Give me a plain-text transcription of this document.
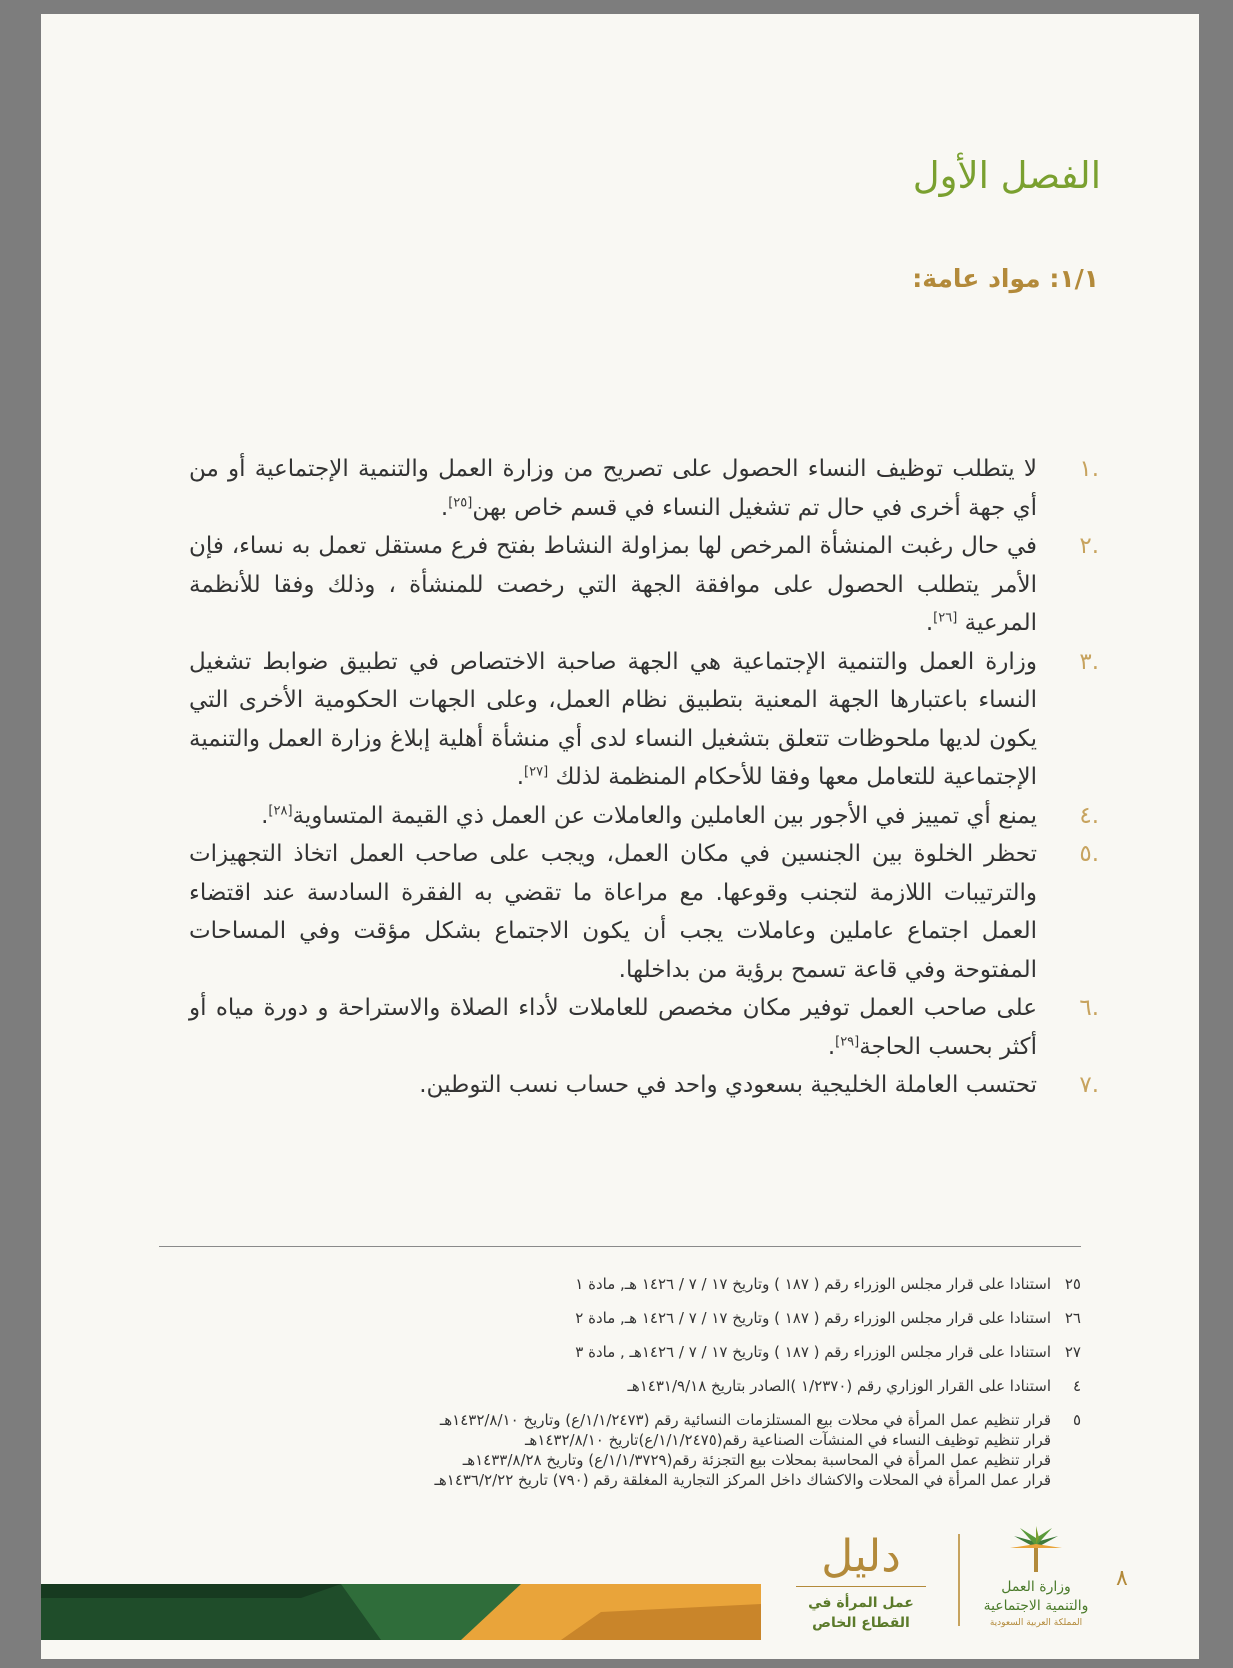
الفصل الأول
١/١: مواد عامة:
.١
لا يتطلب توظيف النساء الحصول على تصريح من وزارة العمل والتنمية الإجتماعية أو من أي جهة أخرى في حال تم تشغيل النساء في قسم خاص بهن[٢٥].
.٢
في حال رغبت المنشأة المرخص لها بمزاولة النشاط بفتح فرع مستقل تعمل به نساء، فإن الأمر يتطلب الحصول على موافقة الجهة التي رخصت للمنشأة ، وذلك وفقا للأنظمة المرعية [٢٦].
.٣
وزارة العمل والتنمية الإجتماعية هي الجهة صاحبة الاختصاص في تطبيق ضوابط تشغيل النساء باعتبارها الجهة المعنية بتطبيق نظام العمل، وعلى الجهات الحكومية الأخرى التي يكون لديها ملحوظات تتعلق بتشغيل النساء لدى أي منشأة أهلية إبلاغ وزارة العمل والتنمية الإجتماعية للتعامل معها وفقا للأحكام المنظمة لذلك [٢٧].
.٤
يمنع أي تمييز في الأجور بين العاملين والعاملات عن العمل ذي القيمة المتساوية[٢٨].
.٥
تحظر الخلوة بين الجنسين في مكان العمل، ويجب على صاحب العمل اتخاذ التجهيزات والترتيبات اللازمة لتجنب وقوعها. مع مراعاة ما تقضي به الفقرة السادسة عند اقتضاء العمل اجتماع عاملين وعاملات يجب أن يكون الاجتماع بشكل مؤقت وفي المساحات المفتوحة وفي قاعة تسمح برؤية من بداخلها.
.٦
على صاحب العمل توفير مكان مخصص للعاملات لأداء الصلاة والاستراحة و دورة مياه أو أكثر بحسب الحاجة[٢٩].
.٧
تحتسب العاملة الخليجية بسعودي واحد في حساب نسب التوطين.
٢٥استنادا على قرار مجلس الوزراء رقم ( ١٨٧ ) وتاريخ ١٧ / ٧ / ١٤٢٦ هـ, مادة ١
٢٦استنادا على قرار مجلس الوزراء رقم ( ١٨٧ ) وتاريخ ١٧ / ٧ / ١٤٢٦ هـ, مادة ٢
٢٧استنادا على قرار مجلس الوزراء رقم ( ١٨٧ ) وتاريخ ١٧ / ٧ / ١٤٢٦هـ , مادة ٣
٤استنادا على القرار الوزاري رقم (١/٢٣٧٠ )الصادر بتاريخ ١٤٣١/٩/١٨هـ
٥قرار تنظيم عمل المرأة في محلات بيع المستلزمات النسائية رقم (١/١/٢٤٧٣/ع) وتاريخ ١٤٣٢/٨/١٠هـ
قرار تنظيم توظيف النساء في المنشآت الصناعية رقم(١/١/٢٤٧٥/ع)تاريخ ١٤٣٢/٨/١٠هـ
قرار تنظيم عمل المرأة في المحاسبة بمحلات بيع التجزئة رقم(١/١/٣٧٢٩/ع) وتاريخ ١٤٣٣/٨/٢٨هـ
قرار عمل المرأة في المحلات والاكشاك داخل المركز التجارية المغلقة رقم (٧٩٠) تاريخ ١٤٣٦/٢/٢٢هـ
دليل
عمل المرأة في
القطاع الخاص
وزارة العمل
والتنمية الاجتماعية
المملكة العربية السعودية
٨
